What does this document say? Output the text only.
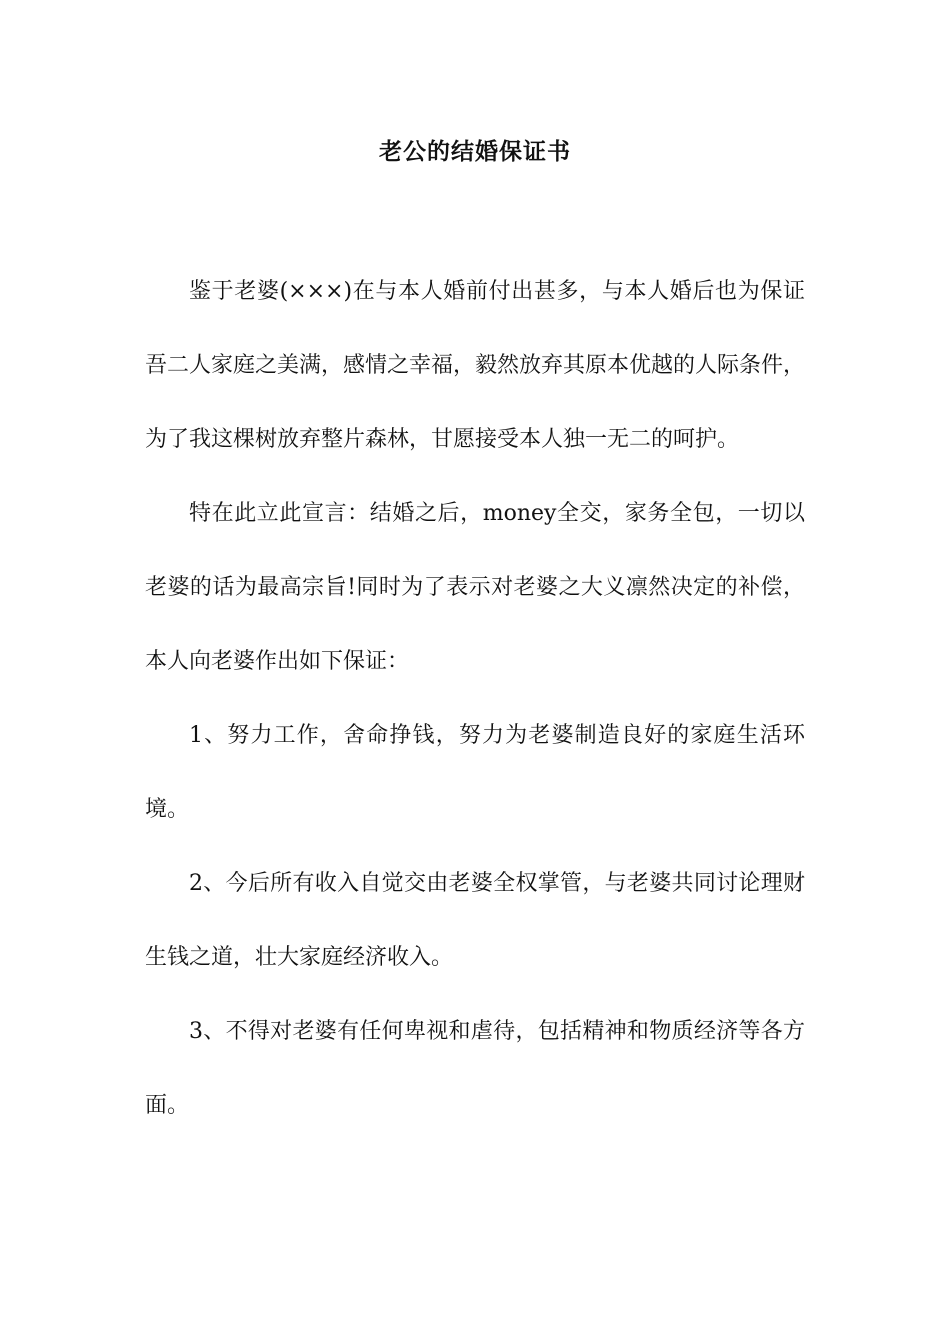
老公的结婚保证书

鉴于老婆(×××)在与本人婚前付出甚多，与本人婚后也为保证吾二人家庭之美满，感情之幸福，毅然放弃其原本优越的人际条件，为了我这棵树放弃整片森林，甘愿接受本人独一无二的呵护。

特在此立此宣言：结婚之后，money全交，家务全包，一切以老婆的话为最高宗旨!同时为了表示对老婆之大义凛然决定的补偿，本人向老婆作出如下保证：

1、努力工作，舍命挣钱，努力为老婆制造良好的家庭生活环境。

2、今后所有收入自觉交由老婆全权掌管，与老婆共同讨论理财生钱之道，壮大家庭经济收入。

3、不得对老婆有任何卑视和虐待，包括精神和物质经济等各方面。
